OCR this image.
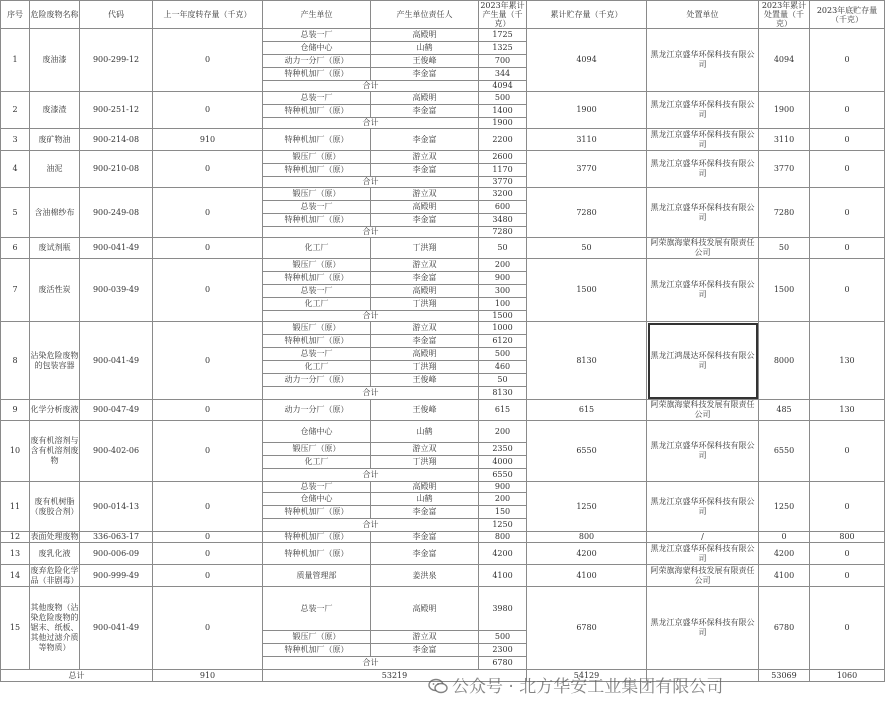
序号	危险废物名称	代码	上一年度转存量（千克）	产生单位	产生单位责任人	2023年累计产生量（千克）	累计贮存量（千克）	处置单位	2023年累计处置量（千克）	2023年底贮存量（千克）
1	废油漆	900-299-12	0	总装一厂	高殿明	1725	4094	黑龙江京盛华环保科技有限公司	4094	0
				仓储中心	山鹤	1325				
				动力一分厂（原）	王俊峰	700				
				特种机加厂（原）	李金富	344				
				合计		4094				
2	废漆渣	900-251-12	0	总装一厂	高殿明	500	1900	黑龙江京盛华环保科技有限公司	1900	0
				特种机加厂（原）	李金富	1400				
				合计		1900				
3	废矿物油	900-214-08	910	特种机加厂（原）	李金富	2200	3110	黑龙江京盛华环保科技有限公司	3110	0
4	油泥	900-210-08	0	锻压厂（原）	游立双	2600	3770	黑龙江京盛华环保科技有限公司	3770	0
				特种机加厂（原）	李金富	1170				
				合计		3770				
5	含油棉纱布	900-249-08	0	锻压厂（原）	游立双	3200	7280	黑龙江京盛华环保科技有限公司	7280	0
				总装一厂	高殿明	600				
				特种机加厂（原）	李金富	3480				
				合计		7280				
6	废试剂瓶	900-041-49	0	化工厂	丁洪翔	50	50	阿荣旗海蒙科技发展有限责任公司	50	0
7	废活性炭	900-039-49	0	锻压厂（原）	游立双	200	1500	黑龙江京盛华环保科技有限公司	1500	0
				特种机加厂（原）	李金富	900				
				总装一厂	高殿明	300				
				化工厂	丁洪翔	100				
				合计		1500				
8	沾染危险废物的包装容器	900-041-49	0	锻压厂（原）	游立双	1000	8130	黑龙江鸿晟达环保科技有限公司	8000	130
				特种机加厂（原）	李金富	6120				
				总装一厂	高殿明	500				
				化工厂	丁洪翔	460				
				动力一分厂（原）	王俊峰	50				
				合计		8130				
9	化学分析废液	900-047-49	0	动力一分厂（原）	王俊峰	615	615	阿荣旗海蒙科技发展有限责任公司	485	130
10	废有机溶剂与含有机溶剂废物	900-402-06	0	仓储中心	山鹤	200	6550	黑龙江京盛华环保科技有限公司	6550	0
				锻压厂（原）	游立双	2350				
				化工厂	丁洪翔	4000				
				合计		6550				
11	废有机树脂（废胶合剂）	900-014-13	0	总装一厂	高殿明	900	1250	黑龙江京盛华环保科技有限公司	1250	0
				仓储中心	山鹤	200				
				特种机加厂（原）	李金富	150				
				合计		1250				
12	表面处理废物	336-063-17	0	特种机加厂（原）	李金富	800	800	/	0	800
13	废乳化液	900-006-09	0	特种机加厂（原）	李金富	4200	4200	黑龙江京盛华环保科技有限公司	4200	0
14	废弃危险化学品（非剧毒）	900-999-49	0	质量管理部	姜洪泉	4100	4100	阿荣旗海蒙科技发展有限责任公司	4100	0
15	其他废物（沾染危险废物的锯末、纸板、其他过滤介质等物质）	900-041-49	0	总装一厂	高殿明	3980	6780	黑龙江京盛华环保科技有限公司	6780	0
				锻压厂（原）	游立双	500				
				特种机加厂（原）	李金富	2300				
				合计		6780				
总计			910	53219			54129		53069	1060
公众号 · 北方华安工业集团有限公司
